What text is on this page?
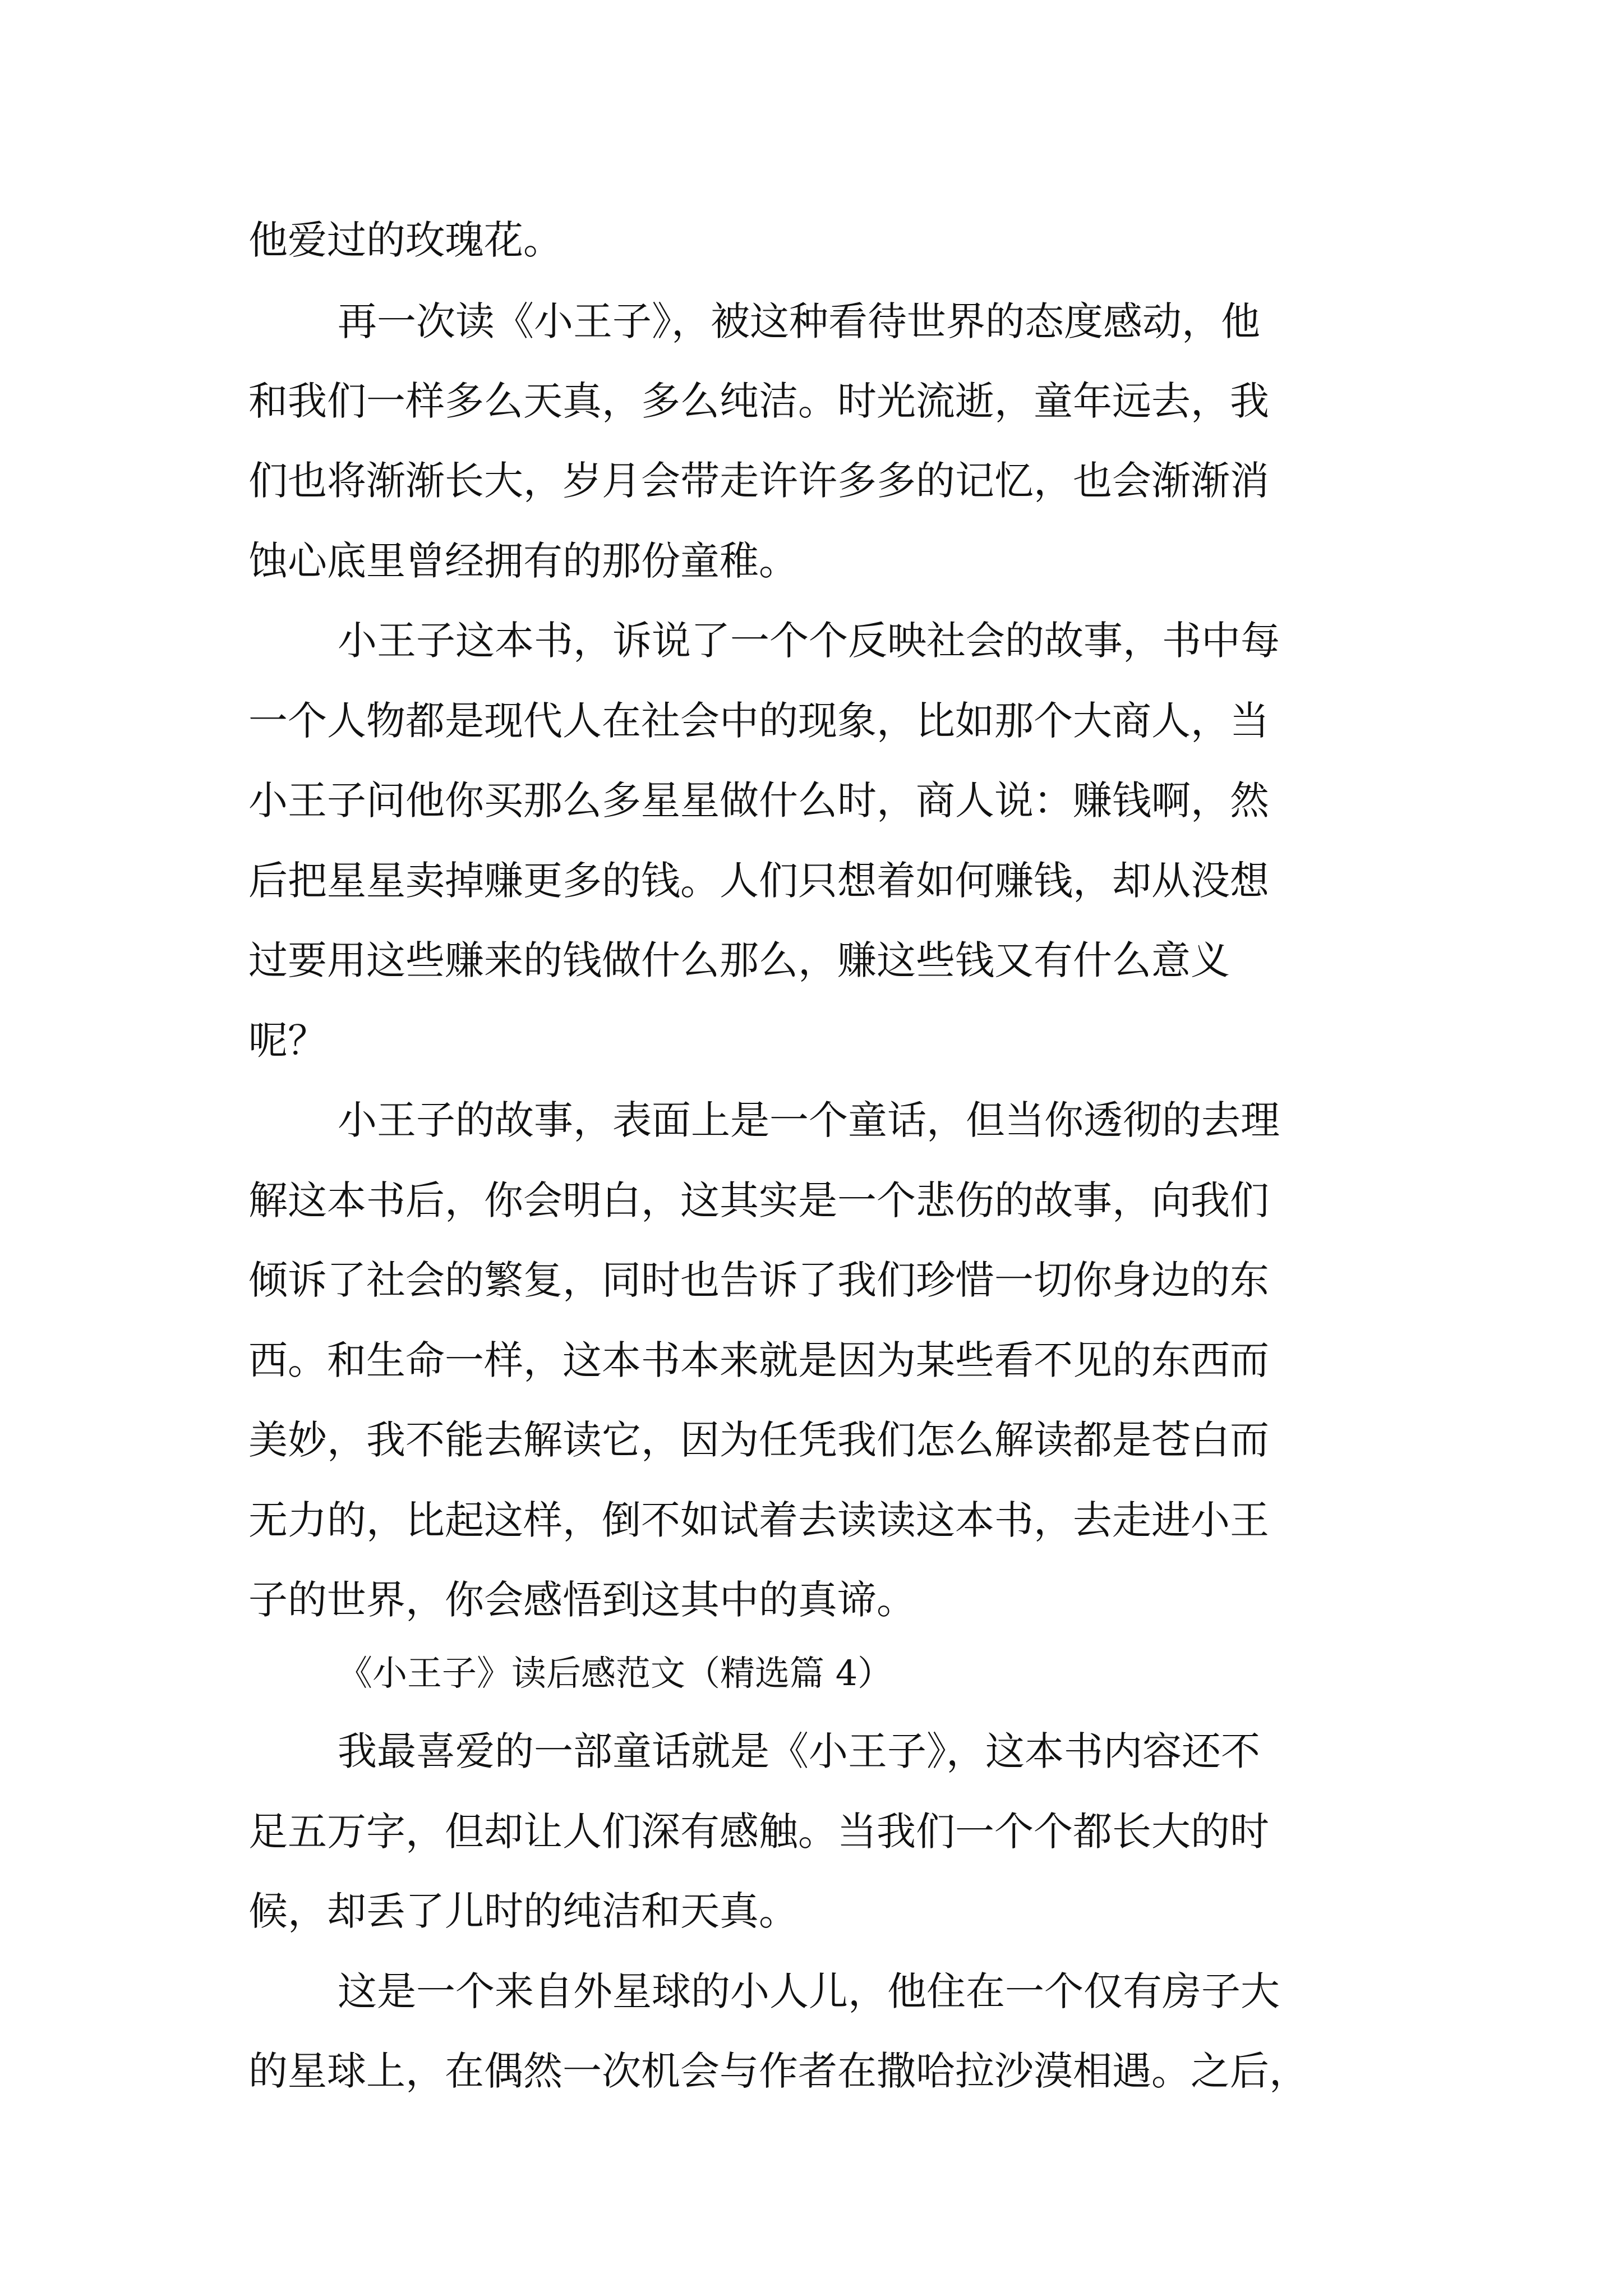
他爱过的玫瑰花。
再一次读《小王子》，被这种看待世界的态度感动，他
和我们一样多么天真，多么纯洁。时光流逝，童年远去，我
们也将渐渐长大，岁月会带走许许多多的记忆，也会渐渐消
蚀心底里曾经拥有的那份童稚。
小王子这本书，诉说了一个个反映社会的故事，书中每
一个人物都是现代人在社会中的现象，比如那个大商人，当
小王子问他你买那么多星星做什么时，商人说：赚钱啊，然
后把星星卖掉赚更多的钱。人们只想着如何赚钱，却从没想
过要用这些赚来的钱做什么那么，赚这些钱又有什么意义
呢？
小王子的故事，表面上是一个童话，但当你透彻的去理
解这本书后，你会明白，这其实是一个悲伤的故事，向我们
倾诉了社会的繁复，同时也告诉了我们珍惜一切你身边的东
西。和生命一样，这本书本来就是因为某些看不见的东西而
美妙，我不能去解读它，因为任凭我们怎么解读都是苍白而
无力的，比起这样，倒不如试着去读读这本书，去走进小王
子的世界，你会感悟到这其中的真谛。
《小王子》读后感范文（精选篇 4）
我最喜爱的一部童话就是《小王子》，这本书内容还不
足五万字，但却让人们深有感触。当我们一个个都长大的时
候，却丢了儿时的纯洁和天真。
这是一个来自外星球的小人儿，他住在一个仅有房子大
的星球上，在偶然一次机会与作者在撒哈拉沙漠相遇。之后，
